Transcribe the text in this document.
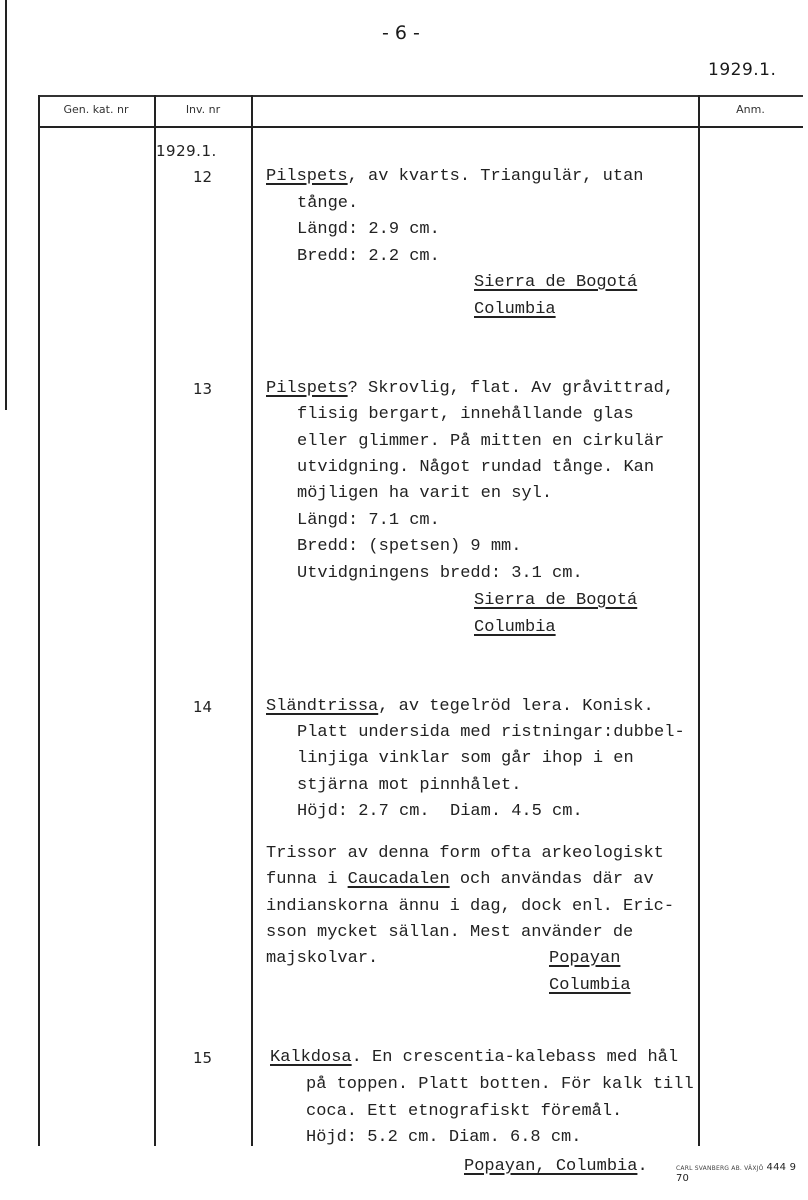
- 6 -
1929.1.
Gen. kat. nr	Inv. nr	Anm.
1929.1.
12	Pilspets, av kvarts. Triangulär, utan
tånge.
Längd: 2.9 cm.
Bredd: 2.2 cm.
Sierra de Bogotá
Columbia
13	Pilspets? Skrovlig, flat. Av gråvittrad,
flisig bergart, innehållande glas
eller glimmer. På mitten en cirkulär
utvidgning. Något rundad tånge. Kan
möjligen ha varit en syl.
Längd: 7.1 cm.
Bredd: (spetsen) 9 mm.
Utvidgningens bredd: 3.1 cm.
Sierra de Bogotá
Columbia
14	Sländtrissa, av tegelröd lera. Konisk.
Platt undersida med ristningar:dubbel-
linjiga vinklar som går ihop i en
stjärna mot pinnhålet.
Höjd: 2.7 cm.  Diam. 4.5 cm.
Trissor av denna form ofta arkeologiskt
funna i Caucadalen och användas där av
indianskorna ännu i dag, dock enl. Eric-
sson mycket sällan. Mest använder de
majskolvar.	Popayan
Columbia
15	Kalkdosa. En crescentia-kalebass med hål
på toppen. Platt botten. För kalk till
coca. Ett etnografiskt föremål.
Höjd: 5.2 cm. Diam. 6.8 cm.
Popayan, Columbia.	CARL SVANBERG AB. VÄXJÖ 444 9 70
